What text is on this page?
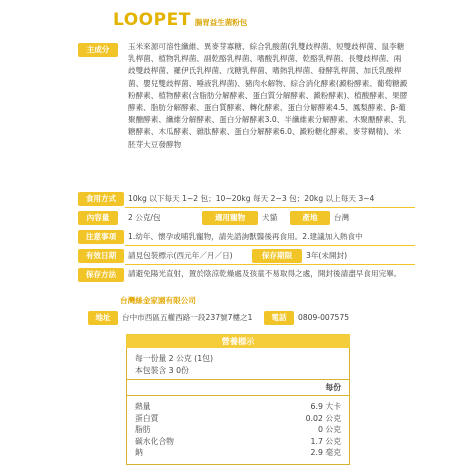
LOOPET 腸胃益生菌粉包
主成分	玉米來源可溶性纖維、異麥芽寡糖、綜合乳酸菌(乳雙歧桿菌、短雙歧桿菌、鼠李糖乳桿菌、植物乳桿菌、副乾酪乳桿菌、嗜酸乳桿菌、乾酪乳桿菌、長雙歧桿菌、兩歧雙歧桿菌、羅伊氏乳桿菌、戊糖乳桿菌、嗜熱乳桿菌、發酵乳桿菌、加氏乳酸桿菌、嬰兒雙歧桿菌、唾液乳桿菌)、豬肉水解物、綜合消化酵素(澱粉酵素、葡萄糖澱粉酵素、植物酵素(含脂肪分解酵素、蛋白質分解酵素、澱粉酵素)、植酸酵素、果膠酵素、脂肪分解酵素、蛋白質酵素、轉化酵素、蛋白分解酵素4.5、鳳梨酵素、β-葡聚醣酵素、纖維分解酵素、蛋白分解酵素3.0、半纖維素分解酵素、木聚醣酵素、乳糖酵素、木瓜酵素、雜肽酵素、蛋白分解酵素6.0、澱粉糖化酵素、麥芽糊精)、米胚芽大豆發酵物
食用方式	10kg 以下每天 1~2 包；10~20kg 每天 2~3 包；20kg 以上每天 3~4
內容量	2 公克/包	適用寵物	犬貓	產地	台灣
注意事項	1.幼年、懷孕或哺乳寵物，請先諮詢獸醫後再食用。2.建議加入熱食中
有效日期	請見包裝標示(西元年／月／日)	保存期限	3年(未開封)
保存方法	請避免陽光直射，置於陰涼乾燥處及孩童不易取得之處，開封後請盡早食用完畢。
台灣絲金家園有限公司
地址	台中市西區五權西路一段237號7樓之1	電話	0809-007575
營養標示
每一份量 2 公克 (1包)
本包裝含 3 0份
每份
熱量	6.9 大卡
蛋白質	0.02 公克
脂肪	0 公克
碳水化合物	1.7 公克
鈉	2.9 毫克
